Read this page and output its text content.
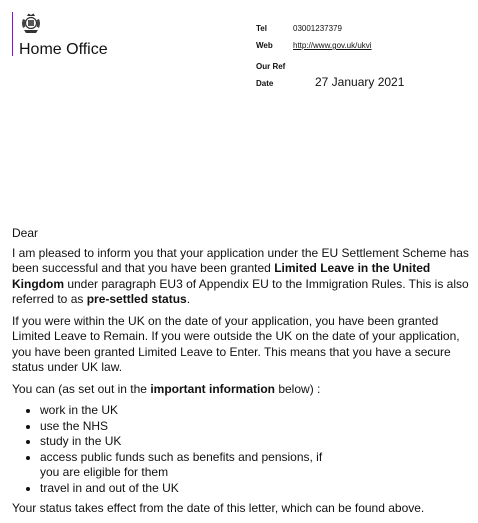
Home Office
Tel	03001237379
Web	http://www.gov.uk/ukvi
Our Ref
Date	27 January 2021

Dear

I am pleased to inform you that your application under the EU Settlement Scheme has been successful and that you have been granted Limited Leave in the United Kingdom under paragraph EU3 of Appendix EU to the Immigration Rules. This is also referred to as pre-settled status.

If you were within the UK on the date of your application, you have been granted Limited Leave to Remain. If you were outside the UK on the date of your application, you have been granted Limited Leave to Enter. This means that you have a secure status under UK law.

You can (as set out in the important information below) :

• work in the UK
• use the NHS
• study in the UK
• access public funds such as benefits and pensions, if you are eligible for them
• travel in and out of the UK

Your status takes effect from the date of this letter, which can be found above.
